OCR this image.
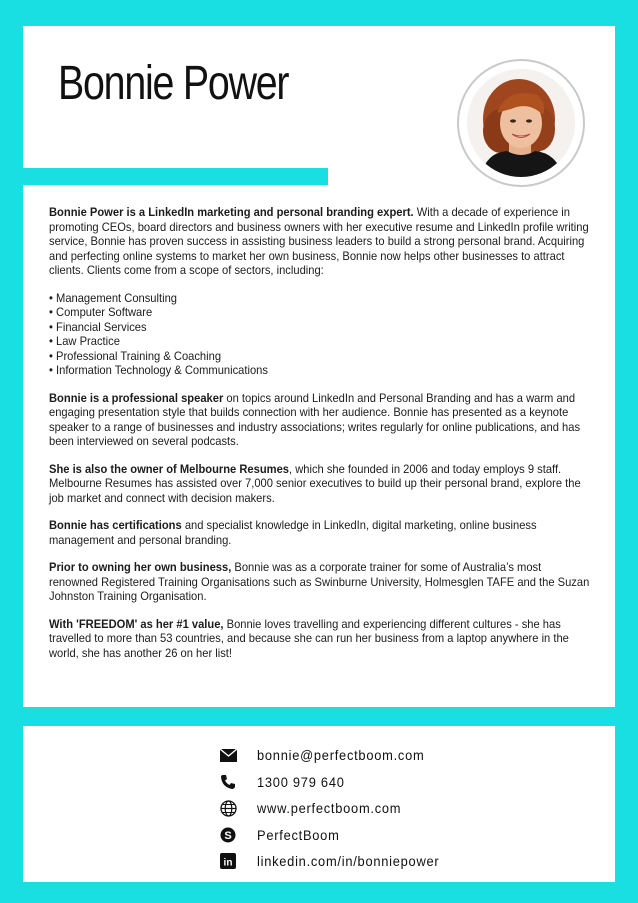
Bonnie Power

Bonnie Power is a LinkedIn marketing and personal branding expert. With a decade of experience in promoting CEOs, board directors and business owners with her executive resume and LinkedIn profile writing service, Bonnie has proven success in assisting business leaders to build a strong personal brand. Acquiring and perfecting online systems to market her own business, Bonnie now helps other businesses to attract clients. Clients come from a scope of sectors, including:

• Management Consulting
• Computer Software
• Financial Services
• Law Practice
• Professional Training & Coaching
• Information Technology & Communications

Bonnie is a professional speaker on topics around LinkedIn and Personal Branding and has a warm and engaging presentation style that builds connection with her audience. Bonnie has presented as a keynote speaker to a range of businesses and industry associations; writes regularly for online publications, and has been interviewed on several podcasts.

She is also the owner of Melbourne Resumes, which she founded in 2006 and today employs 9 staff. Melbourne Resumes has assisted over 7,000 senior executives to build up their personal brand, explore the job market and connect with decision makers.

Bonnie has certifications and specialist knowledge in LinkedIn, digital marketing, online business management and personal branding.

Prior to owning her own business, Bonnie was as a corporate trainer for some of Australia’s most renowned Registered Training Organisations such as Swinburne University, Holmesglen TAFE and the Suzan Johnston Training Organisation.

With 'FREEDOM' as her #1 value, Bonnie loves travelling and experiencing different cultures - she has travelled to more than 53 countries, and because she can run her business from a laptop anywhere in the world, she has another 26 on her list!

bonnie@perfectboom.com
1300 979 640
www.perfectboom.com
S PerfectBoom
in linkedin.com/in/bonniepower
